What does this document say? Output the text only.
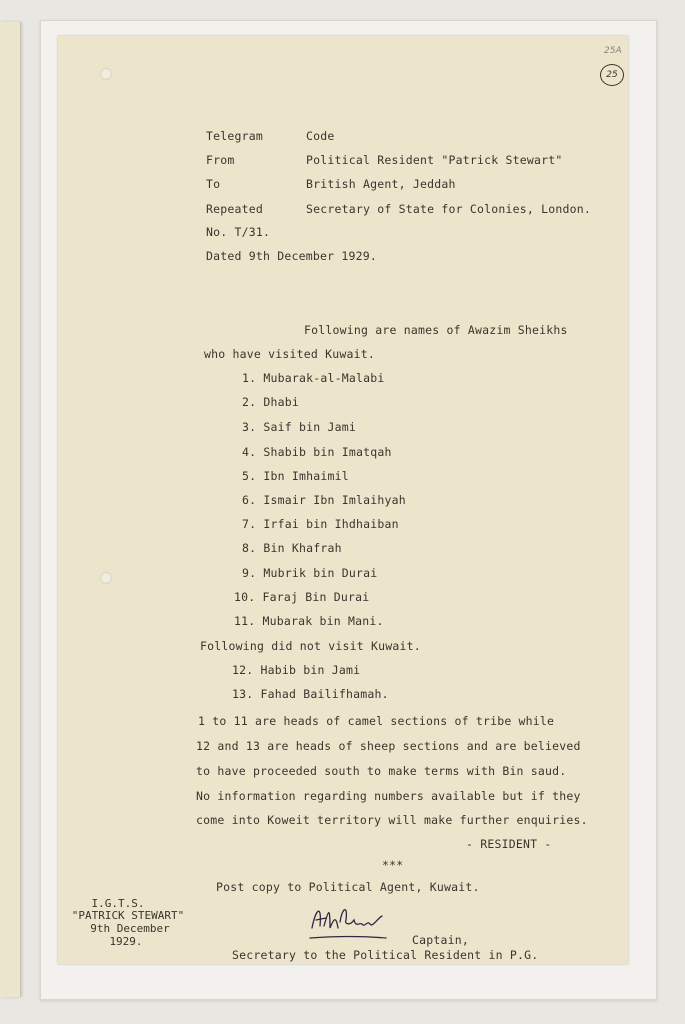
25A
25
Telegram	Code
From	Political Resident "Patrick Stewart"
To	British Agent, Jeddah
Repeated	Secretary of State for Colonies, London.
No. T/31.
Dated 9th December 1929.
Following are names of Awazim Sheikhs
who have visited Kuwait.
1. Mubarak-al-Malabi
2. Dhabi
3. Saif bin Jami
4. Shabib bin Imatqah
5. Ibn Imhaimil
6. Ismair Ibn Imlaihyah
7. Irfai bin Ihdhaiban
8. Bin Khafrah
9. Mubrik bin Durai
10. Faraj Bin Durai
11. Mubarak bin Mani.
Following did not visit Kuwait.
12. Habib bin Jami
13. Fahad Bailifhamah.
1 to 11 are heads of camel sections of tribe while
12 and 13 are heads of sheep sections and are believed
to have proceeded south to make terms with Bin saud.
No information regarding numbers available but if they
come into Koweit territory will make further enquiries.
- RESIDENT -
***
Post copy to Political Agent, Kuwait.
I.G.T.S.
"PATRICK STEWART"
9th December
1929.	Captain,
Secretary to the Political Resident in P.G.
